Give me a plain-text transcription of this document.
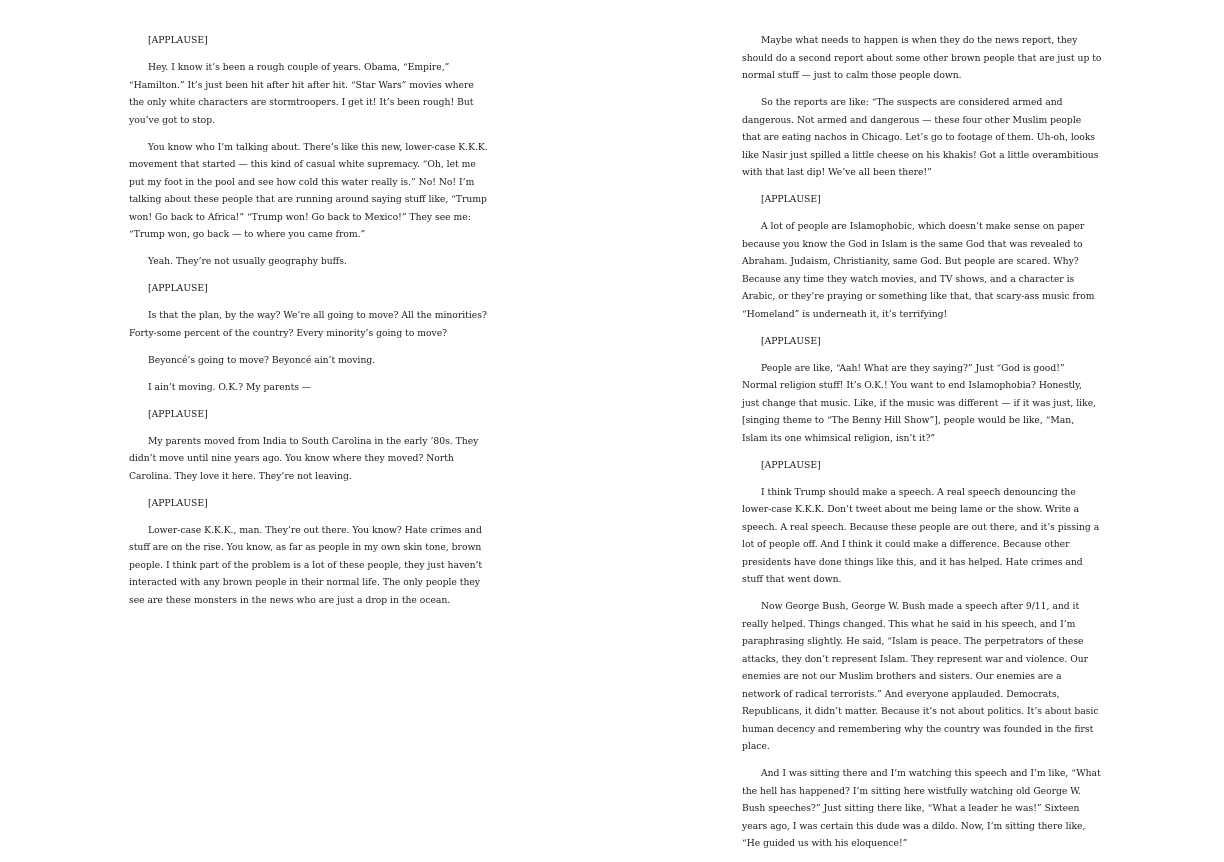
[APPLAUSE]

Hey. I know it’s been a rough couple of years. Obama, “Empire,” “Hamilton.” It’s just been hit after hit after hit. “Star Wars” movies where the only white characters are stormtroopers. I get it! It’s been rough! But you’ve got to stop.

You know who I’m talking about. There’s like this new, lower-case K.K.K. movement that started — this kind of casual white supremacy. “Oh, let me put my foot in the pool and see how cold this water really is.” No! No! I’m talking about these people that are running around saying stuff like, “Trump won! Go back to Africa!” “Trump won! Go back to Mexico!” They see me: “Trump won, go back — to where you came from.”

Yeah. They’re not usually geography buffs.

[APPLAUSE]

Is that the plan, by the way? We’re all going to move? All the minorities? Forty-some percent of the country? Every minority’s going to move?

Beyoncé’s going to move? Beyoncé ain’t moving.

I ain’t moving. O.K.? My parents —

[APPLAUSE]

My parents moved from India to South Carolina in the early ’80s. They didn’t move until nine years ago. You know where they moved? North Carolina. They love it here. They’re not leaving.

[APPLAUSE]

Lower-case K.K.K., man. They’re out there. You know? Hate crimes and stuff are on the rise. You know, as far as people in my own skin tone, brown people. I think part of the problem is a lot of these people, they just haven’t interacted with any brown people in their normal life. The only people they see are these monsters in the news who are just a drop in the ocean.

Maybe what needs to happen is when they do the news report, they should do a second report about some other brown people that are just up to normal stuff — just to calm those people down.

So the reports are like: “The suspects are considered armed and dangerous. Not armed and dangerous — these four other Muslim people that are eating nachos in Chicago. Let’s go to footage of them. Uh-oh, looks like Nasir just spilled a little cheese on his khakis! Got a little overambitious with that last dip! We’ve all been there!”

[APPLAUSE]

A lot of people are Islamophobic, which doesn’t make sense on paper because you know the God in Islam is the same God that was revealed to Abraham. Judaism, Christianity, same God. But people are scared. Why? Because any time they watch movies, and TV shows, and a character is Arabic, or they’re praying or something like that, that scary-ass music from “Homeland” is underneath it, it’s terrifying!

[APPLAUSE]

People are like, “Aah! What are they saying?” Just “God is good!” Normal religion stuff! It’s O.K.! You want to end Islamophobia? Honestly, just change that music. Like, if the music was different — if it was just, like, [singing theme to “The Benny Hill Show”], people would be like, “Man, Islam its one whimsical religion, isn’t it?”

[APPLAUSE]

I think Trump should make a speech. A real speech denouncing the lower-case K.K.K. Don’t tweet about me being lame or the show. Write a speech. A real speech. Because these people are out there, and it’s pissing a lot of people off. And I think it could make a difference. Because other presidents have done things like this, and it has helped. Hate crimes and stuff that went down.

Now George Bush, George W. Bush made a speech after 9/11, and it really helped. Things changed. This what he said in his speech, and I’m paraphrasing slightly. He said, “Islam is peace. The perpetrators of these attacks, they don’t represent Islam. They represent war and violence. Our enemies are not our Muslim brothers and sisters. Our enemies are a network of radical terrorists.” And everyone applauded. Democrats, Republicans, it didn’t matter. Because it’s not about politics. It’s about basic human decency and remembering why the country was founded in the first place.

And I was sitting there and I’m watching this speech and I’m like, “What the hell has happened? I’m sitting here wistfully watching old George W. Bush speeches?” Just sitting there like, “What a leader he was!” Sixteen years ago, I was certain this dude was a dildo. Now, I’m sitting there like, “He guided us with his eloquence!”
